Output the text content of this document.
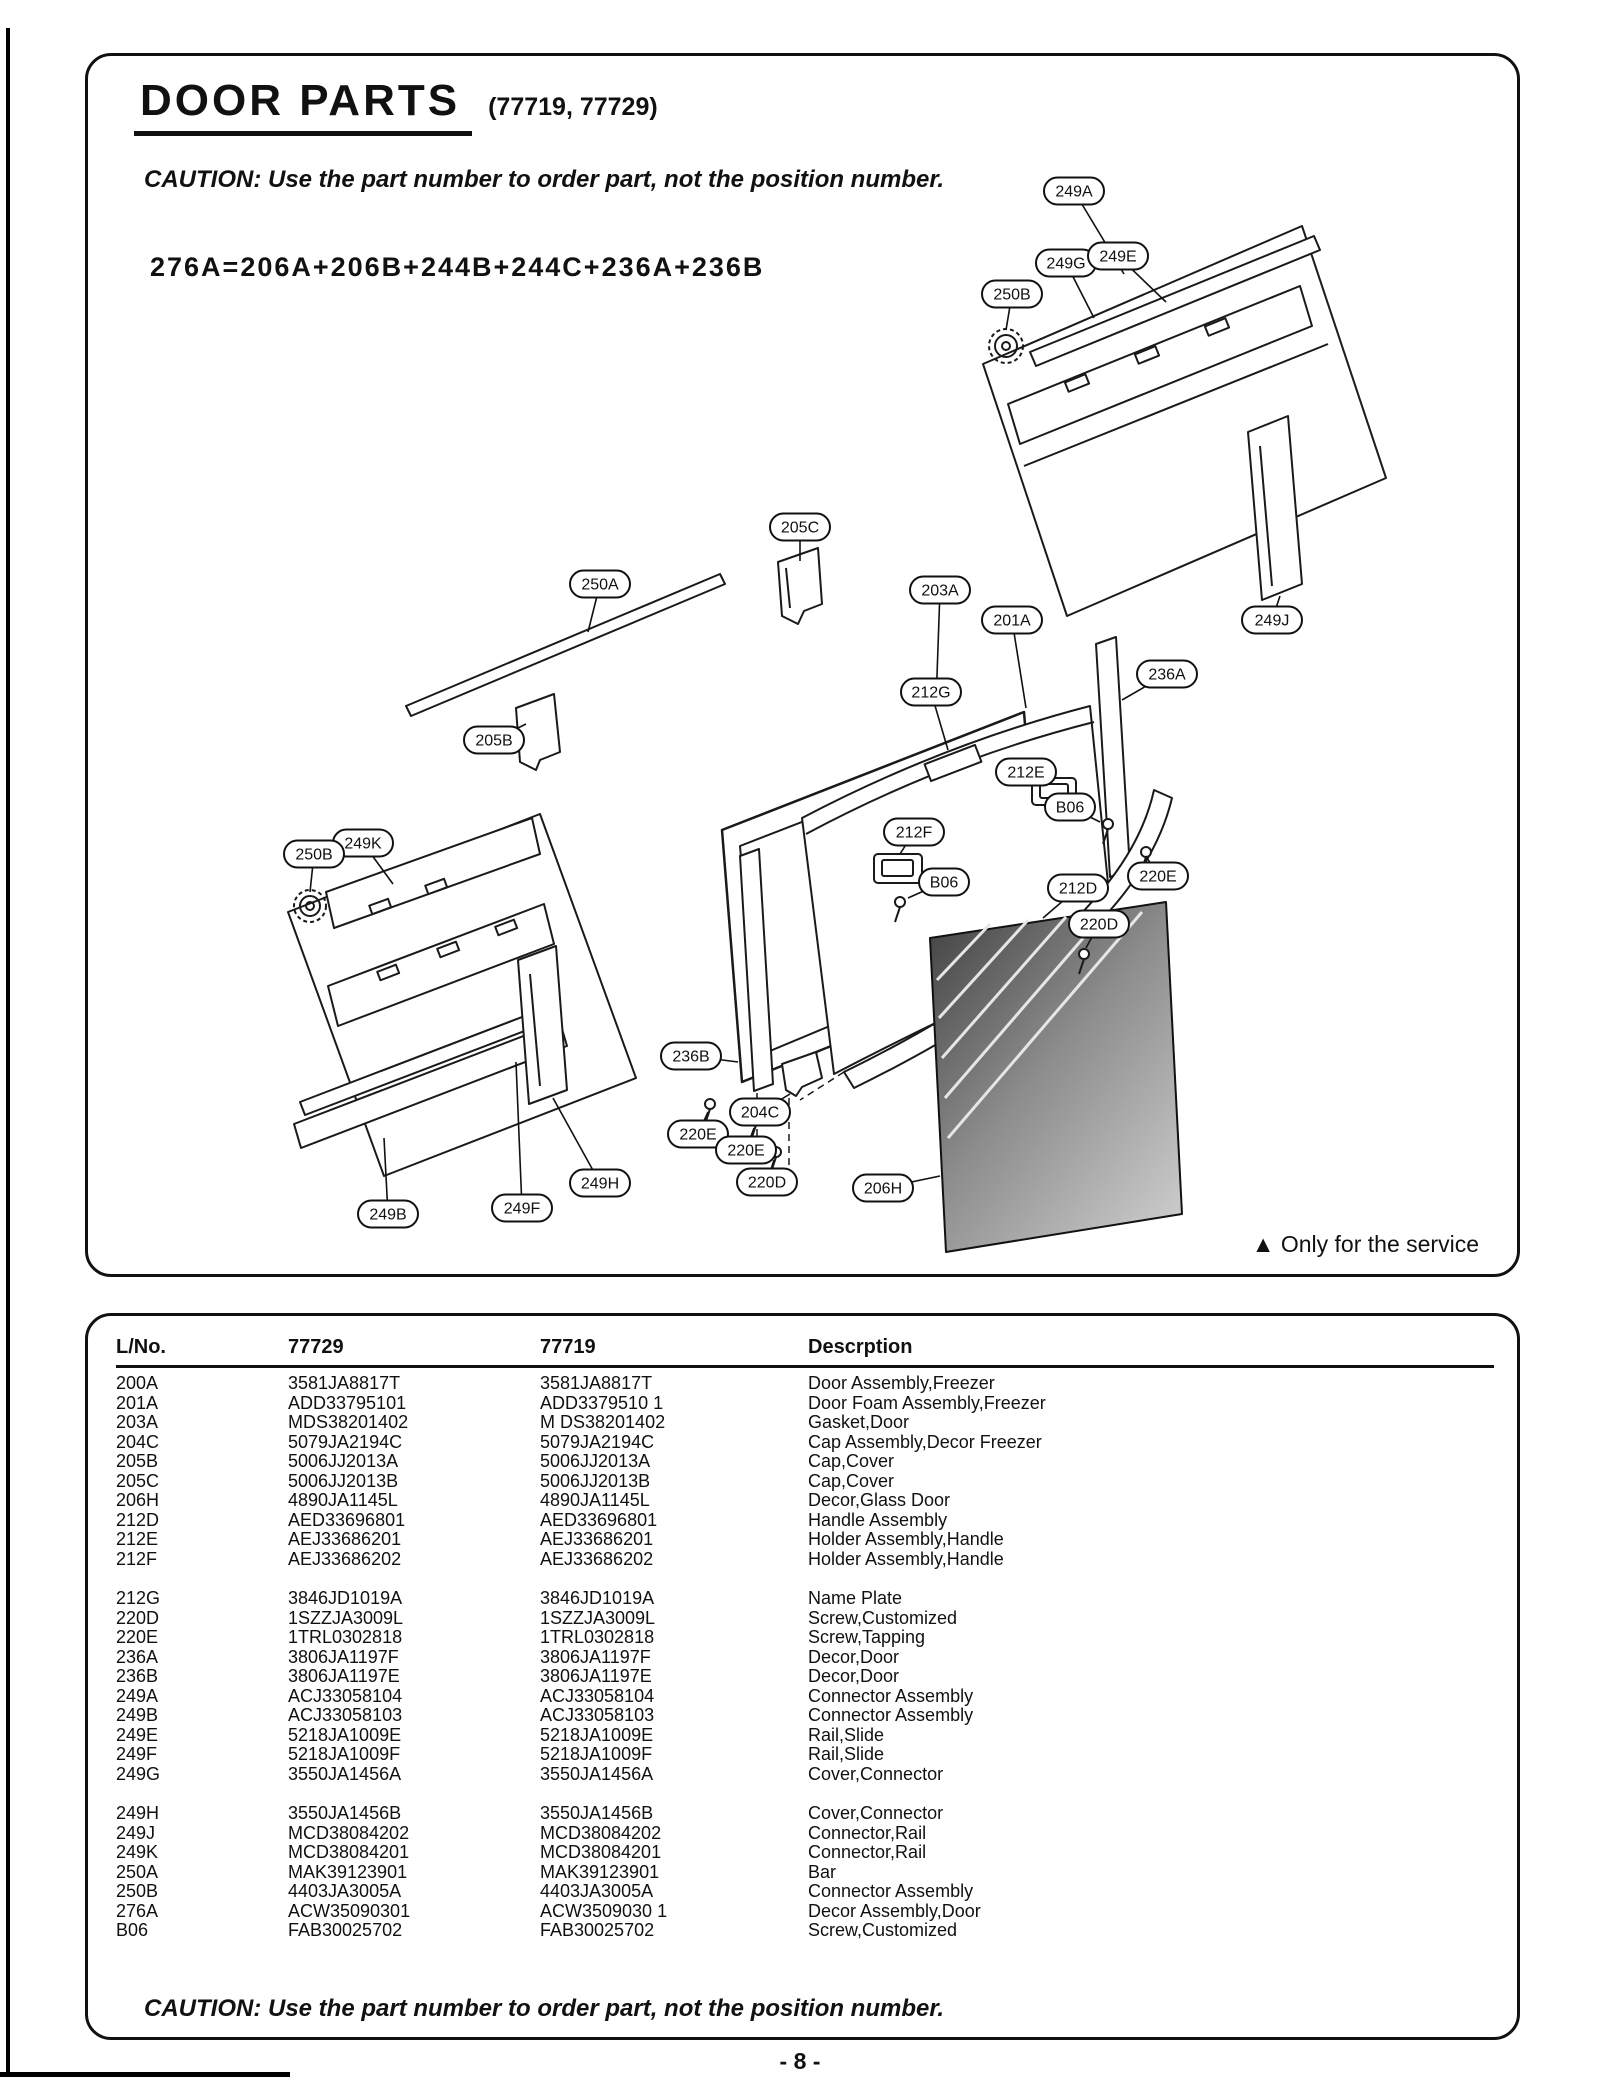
249A
249G 249E
250B
249J
205C
250A	203A
201A
236A
212G
212E
B06
205B
249K
250B
212F
B06	220E
212D
220D
236B
204C
220E
220E
220D	206H
249H
249B	249F
DOOR PARTS	(77719, 77729)
CAUTION: Use the part number to order part, not the position number.
276A=206A+206B+244B+244C+236A+236B
▲ Only for the service
L/No.	77729	77719	Descrption
200A	3581JA8817T	3581JA8817T	Door Assembly,Freezer
201A	ADD33795101	ADD3379510 1	Door Foam Assembly,Freezer
203A	MDS38201402	M DS38201402	Gasket,Door
204C	5079JA2194C	5079JA2194C	Cap Assembly,Decor Freezer
205B	5006JJ2013A	5006JJ2013A	Cap,Cover
205C	5006JJ2013B	5006JJ2013B	Cap,Cover
206H	4890JA1145L	4890JA1145L	Decor,Glass Door
212D	AED33696801	AED33696801	Handle Assembly
212E	AEJ33686201	AEJ33686201	Holder Assembly,Handle
212F	AEJ33686202	AEJ33686202	Holder Assembly,Handle

212G	3846JD1019A	3846JD1019A	Name Plate
220D	1SZZJA3009L	1SZZJA3009L	Screw,Customized
220E	1TRL0302818	1TRL0302818	Screw,Tapping
236A	3806JA1197F	3806JA1197F	Decor,Door
236B	3806JA1197E	3806JA1197E	Decor,Door
249A	ACJ33058104	ACJ33058104	Connector Assembly
249B	ACJ33058103	ACJ33058103	Connector Assembly
249E	5218JA1009E	5218JA1009E	Rail,Slide
249F	5218JA1009F	5218JA1009F	Rail,Slide
249G	3550JA1456A	3550JA1456A	Cover,Connector

249H	3550JA1456B	3550JA1456B	Cover,Connector
249J	MCD38084202	MCD38084202	Connector,Rail
249K	MCD38084201	MCD38084201	Connector,Rail
250A	MAK39123901	MAK39123901	Bar
250B	4403JA3005A	4403JA3005A	Connector Assembly
276A	ACW35090301	ACW3509030 1	Decor Assembly,Door
B06	FAB30025702	FAB30025702	Screw,Customized
CAUTION: Use the part number to order part, not the position number.
- 8 -
